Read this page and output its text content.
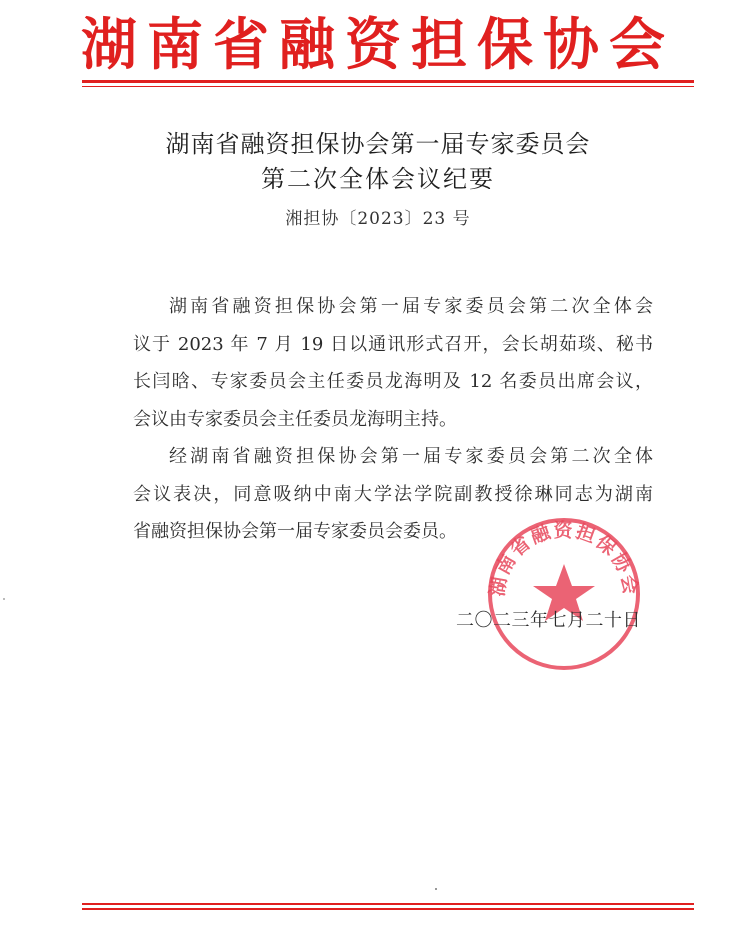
湖南省融资担保协会
湖南省融资担保协会第一届专家委员会
第二次全体会议纪要
湘担协〔2023〕23 号
湖南省融资担保协会第一届专家委员会第二次全体会
议于 2023 年 7 月 19 日以通讯形式召开，会长胡茹琰、秘书
长闫晗、专家委员会主任委员龙海明及 12 名委员出席会议，
会议由专家委员会主任委员龙海明主持。
经湖南省融资担保协会第一届专家委员会第二次全体
会议表决，同意吸纳中南大学法学院副教授徐琳同志为湖南
省融资担保协会第一届专家委员会委员。
湖南省融资担保协会
二〇二三年七月二十日
